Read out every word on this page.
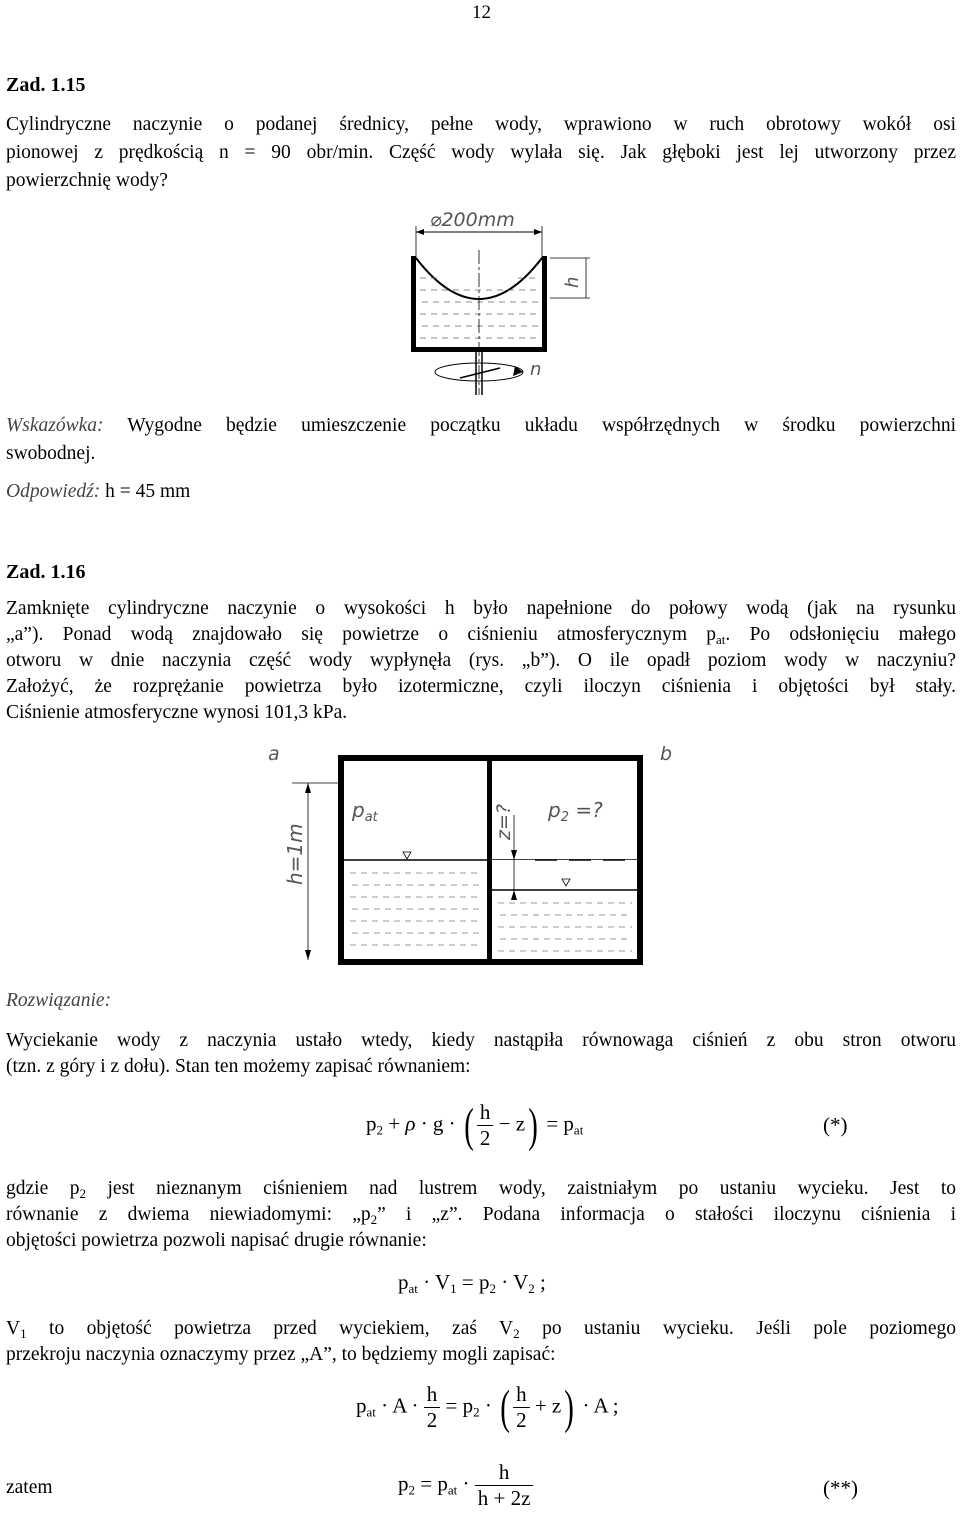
12
Zad. 1.15
Cylindryczne naczynie o podanej średnicy, pełne wody, wprawiono w ruch obrotowy wokół osi
pionowej z prędkością n = 90 obr/min. Część wody wylała się. Jak głęboki jest lej utworzony przez
powierzchnię wody?
⌀200mm
h
n
Wskazówka: Wygodne będzie umieszczenie początku układu współrzędnych w środku powierzchni
swobodnej.
Odpowiedź: h = 45 mm
Zad. 1.16
Zamknięte cylindryczne naczynie o wysokości h było napełnione do połowy wodą (jak na rysunku
„a”). Ponad wodą znajdowało się powietrze o ciśnieniu atmosferycznym $p_{at}$. Po odsłonięciu małego
otworu w dnie naczynia część wody wypłynęła (rys. „b”). O ile opadł poziom wody w naczyniu?
Założyć, że rozprężanie powietrza było izotermiczne, czyli iloczyn ciśnienia i objętości był stały.
Ciśnienie atmosferyczne wynosi 101,3 kPa.
a	b
h=1m
$p_{at}$	$p_2$ =?
z=?
Rozwiązanie:
Wyciekanie wody z naczynia ustało wtedy, kiedy nastąpiła równowaga ciśnień z obu stron otworu
(tzn. z góry i z dołu). Stan ten możemy zapisać równaniem:
$p_2 + \rho \cdot g$ · ( $\frac{h}{2} - z) = p_{at}$	(*)
gdzie $p_2$ jest nieznanym ciśnieniem nad lustrem wody, zaistniałym po ustaniu wycieku. Jest to
równanie z dwiema niewiadomymi: $„p_2$” i „z”. Podana informacja o stałości iloczynu ciśnienia i
objętości powietrza pozwoli napisać drugie równanie:
$p_{at} \cdot V_1 = p_2 \cdot V_2$ ;
$V_1$ to objętość powietrza przed wyciekiem, zaś $V_2$ po ustaniu wycieku. Jeśli pole poziomego
przekroju naczynia oznaczymy przez „A”, to będziemy mogli zapisać:
$p_{at} \cdot A \cdot \frac{h}{2} = p_2$ · ( $\frac{h}{2} + z) \cdot A$ ;
zatem	$p_2 = p_{at} \cdot \frac{h}{h + 2z}$	(**)
